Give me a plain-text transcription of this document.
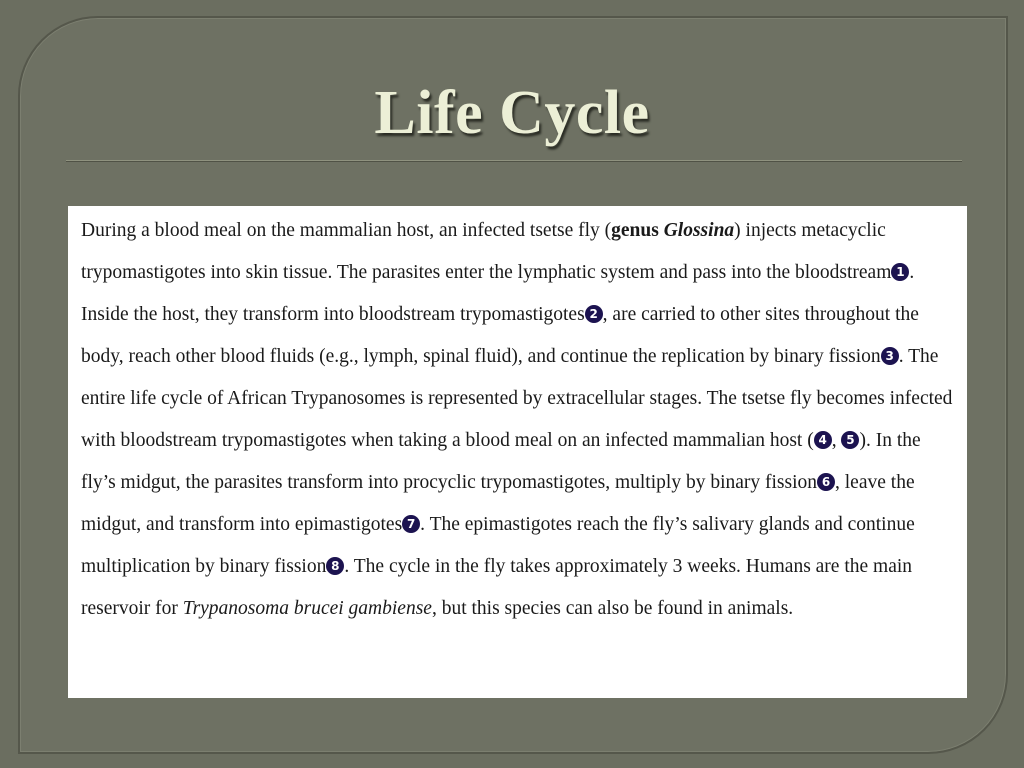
Life Cycle

During a blood meal on the mammalian host, an infected tsetse fly (genus Glossina) injects metacyclic trypomastigotes into skin tissue. The parasites enter the lymphatic system and pass into the bloodstream 1 . Inside the host, they transform into bloodstream trypomastigotes 2 , are carried to other sites throughout the body, reach other blood fluids (e.g., lymph, spinal fluid), and continue the replication by binary fission 3 . The entire life cycle of African Trypanosomes is represented by extracellular stages. The tsetse fly becomes infected with bloodstream trypomastigotes when taking a blood meal on an infected mammalian host ( 4 , 5 ). In the fly’s midgut, the parasites transform into procyclic trypomastigotes, multiply by binary fission 6 , leave the midgut, and transform into epimastigotes 7 . The epimastigotes reach the fly’s salivary glands and continue multiplication by binary fission 8 . The cycle in the fly takes approximately 3 weeks. Humans are the main reservoir for Trypanosoma brucei gambiense, but this species can also be found in animals.
